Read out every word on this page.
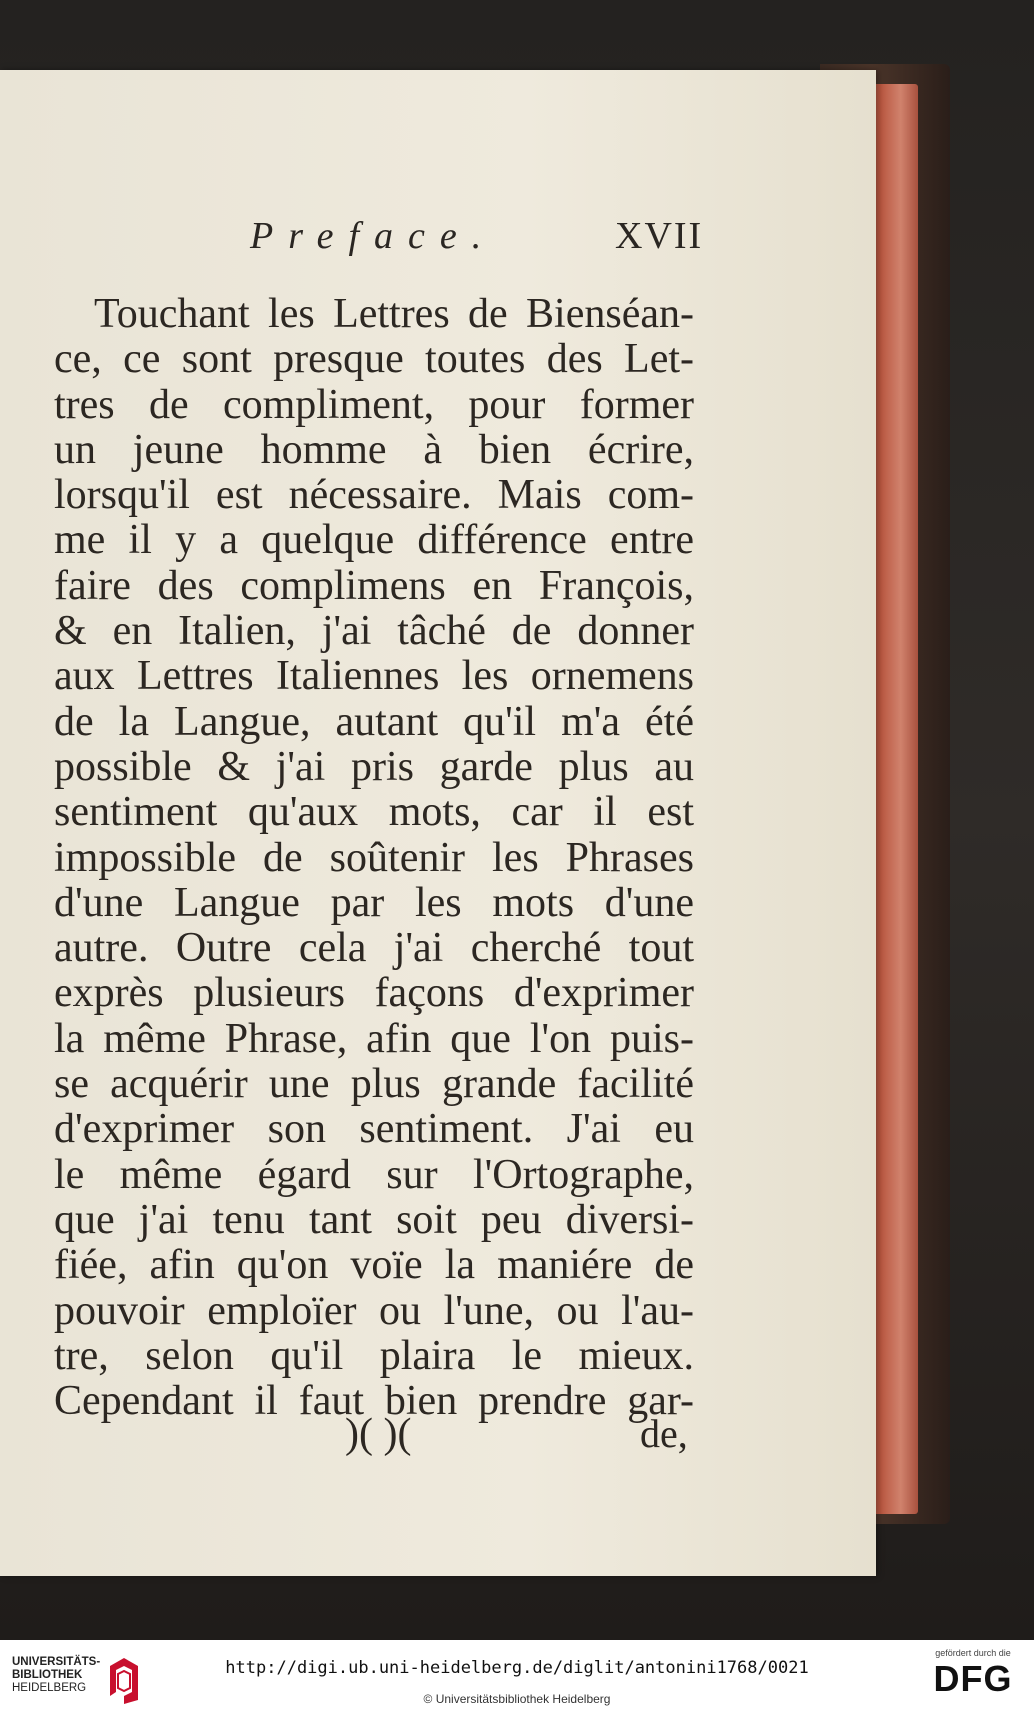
Preface.	XVII
Touchant les Lettres de Bienséan-
ce, ce sont presque toutes des Let-
tres de compliment, pour former
un jeune homme à bien écrire,
lorsqu'il est nécessaire. Mais com-
me il y a quelque différence entre
faire des complimens en François,
& en Italien, j'ai tâché de donner
aux Lettres Italiennes les ornemens
de la Langue, autant qu'il m'a été
possible & j'ai pris garde plus au
sentiment qu'aux mots, car il est
impossible de soûtenir les Phrases
d'une Langue par les mots d'une
autre. Outre cela j'ai cherché tout
exprès plusieurs façons d'exprimer
la même Phrase, afin que l'on puis-
se acquérir une plus grande facilité
d'exprimer son sentiment. J'ai eu
le même égard sur l'Ortographe,
que j'ai tenu tant soit peu diversi-
fiée, afin qu'on voïe la maniére de
pouvoir emploïer ou l'une, ou l'au-
tre, selon qu'il plaira le mieux.
Cependant il faut bien prendre gar-
)( )(	de,
UNIVERSITÄTS-
BIBLIOTHEK
HEIDELBERG
http://digi.ub.uni-heidelberg.de/diglit/antonini1768/0021
© Universitätsbibliothek Heidelberg
gefördert durch die
DFG
